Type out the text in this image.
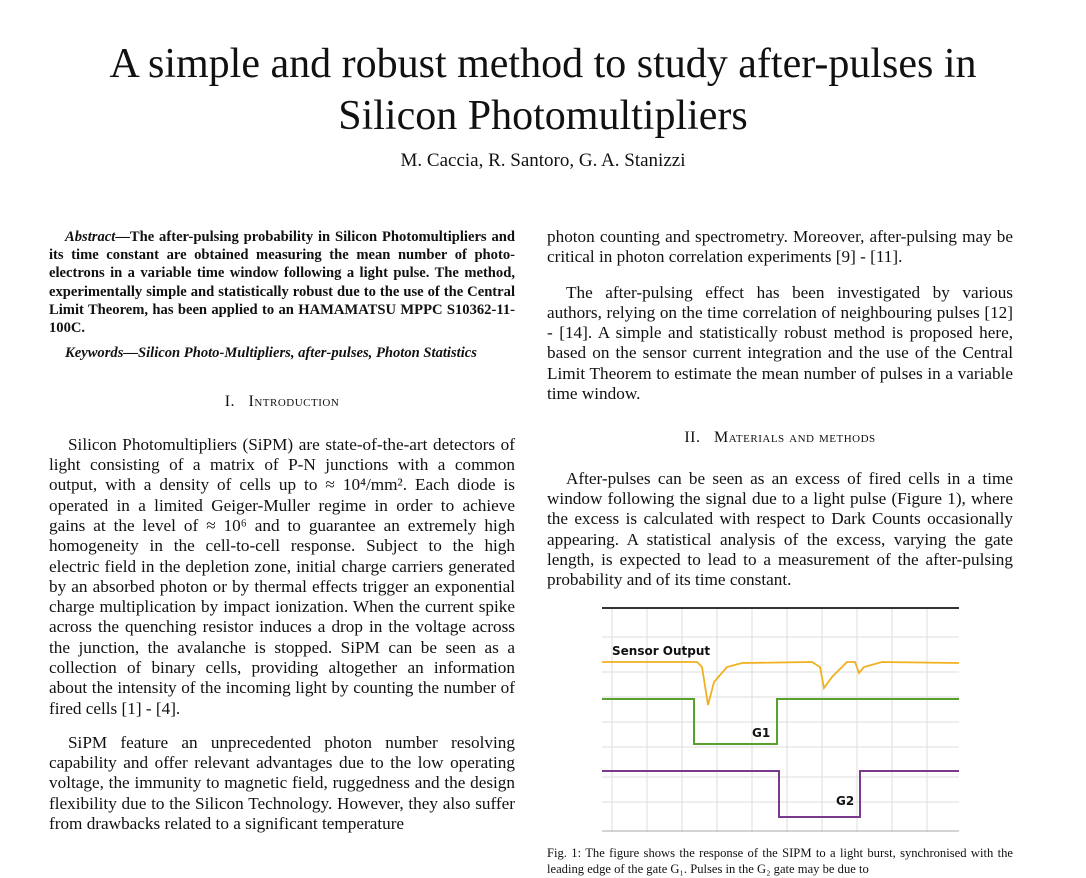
A simple and robust method to study after-pulses in
Silicon Photomultipliers
M. Caccia, R. Santoro, G. A. Stanizzi

Abstract—The after-pulsing probability in Silicon Photomultipliers and its time constant are obtained measuring the mean number of photo-electrons in a variable time window following a light pulse. The method, experimentally simple and statistically robust due to the use of the Central Limit Theorem, has been applied to an HAMAMATSU MPPC S10362-11-100C.

Keywords—Silicon Photo-Multipliers, after-pulses, Photon Statistics

I. Introduction

Silicon Photomultipliers (SiPM) are state-of-the-art detectors of light consisting of a matrix of P-N junctions with a common output, with a density of cells up to ≈ 10⁴/mm². Each diode is operated in a limited Geiger-Muller regime in order to achieve gains at the level of ≈ 10⁶ and to guarantee an extremely high homogeneity in the cell-to-cell response. Subject to the high electric field in the depletion zone, initial charge carriers generated by an absorbed photon or by thermal effects trigger an exponential charge multiplication by impact ionization. When the current spike across the quenching resistor induces a drop in the voltage across the junction, the avalanche is stopped. SiPM can be seen as a collection of binary cells, providing altogether an information about the intensity of the incoming light by counting the number of fired cells [1] - [4].

SiPM feature an unprecedented photon number resolving capability and offer relevant advantages due to the low operating voltage, the immunity to magnetic field, ruggedness and the design flexibility due to the Silicon Technology. However, they also suffer from drawbacks related to a significant temperature

photon counting and spectrometry. Moreover, after-pulsing may be critical in photon correlation experiments [9] - [11].

The after-pulsing effect has been investigated by various authors, relying on the time correlation of neighbouring pulses [12] - [14]. A simple and statistically robust method is proposed here, based on the sensor current integration and the use of the Central Limit Theorem to estimate the mean number of pulses in a variable time window.

II. Materials and methods

After-pulses can be seen as an excess of fired cells in a time window following the signal due to a light pulse (Figure 1), where the excess is calculated with respect to Dark Counts occasionally appearing. A statistical analysis of the excess, varying the gate length, is expected to lead to a measurement of the after-pulsing probability and of its time constant.

Sensor Output
G1
G2
Fig. 1: The figure shows the response of the SIPM to a light burst, synchronised with the leading edge of the gate G₁. Pulses in the G₂ gate may be due to
